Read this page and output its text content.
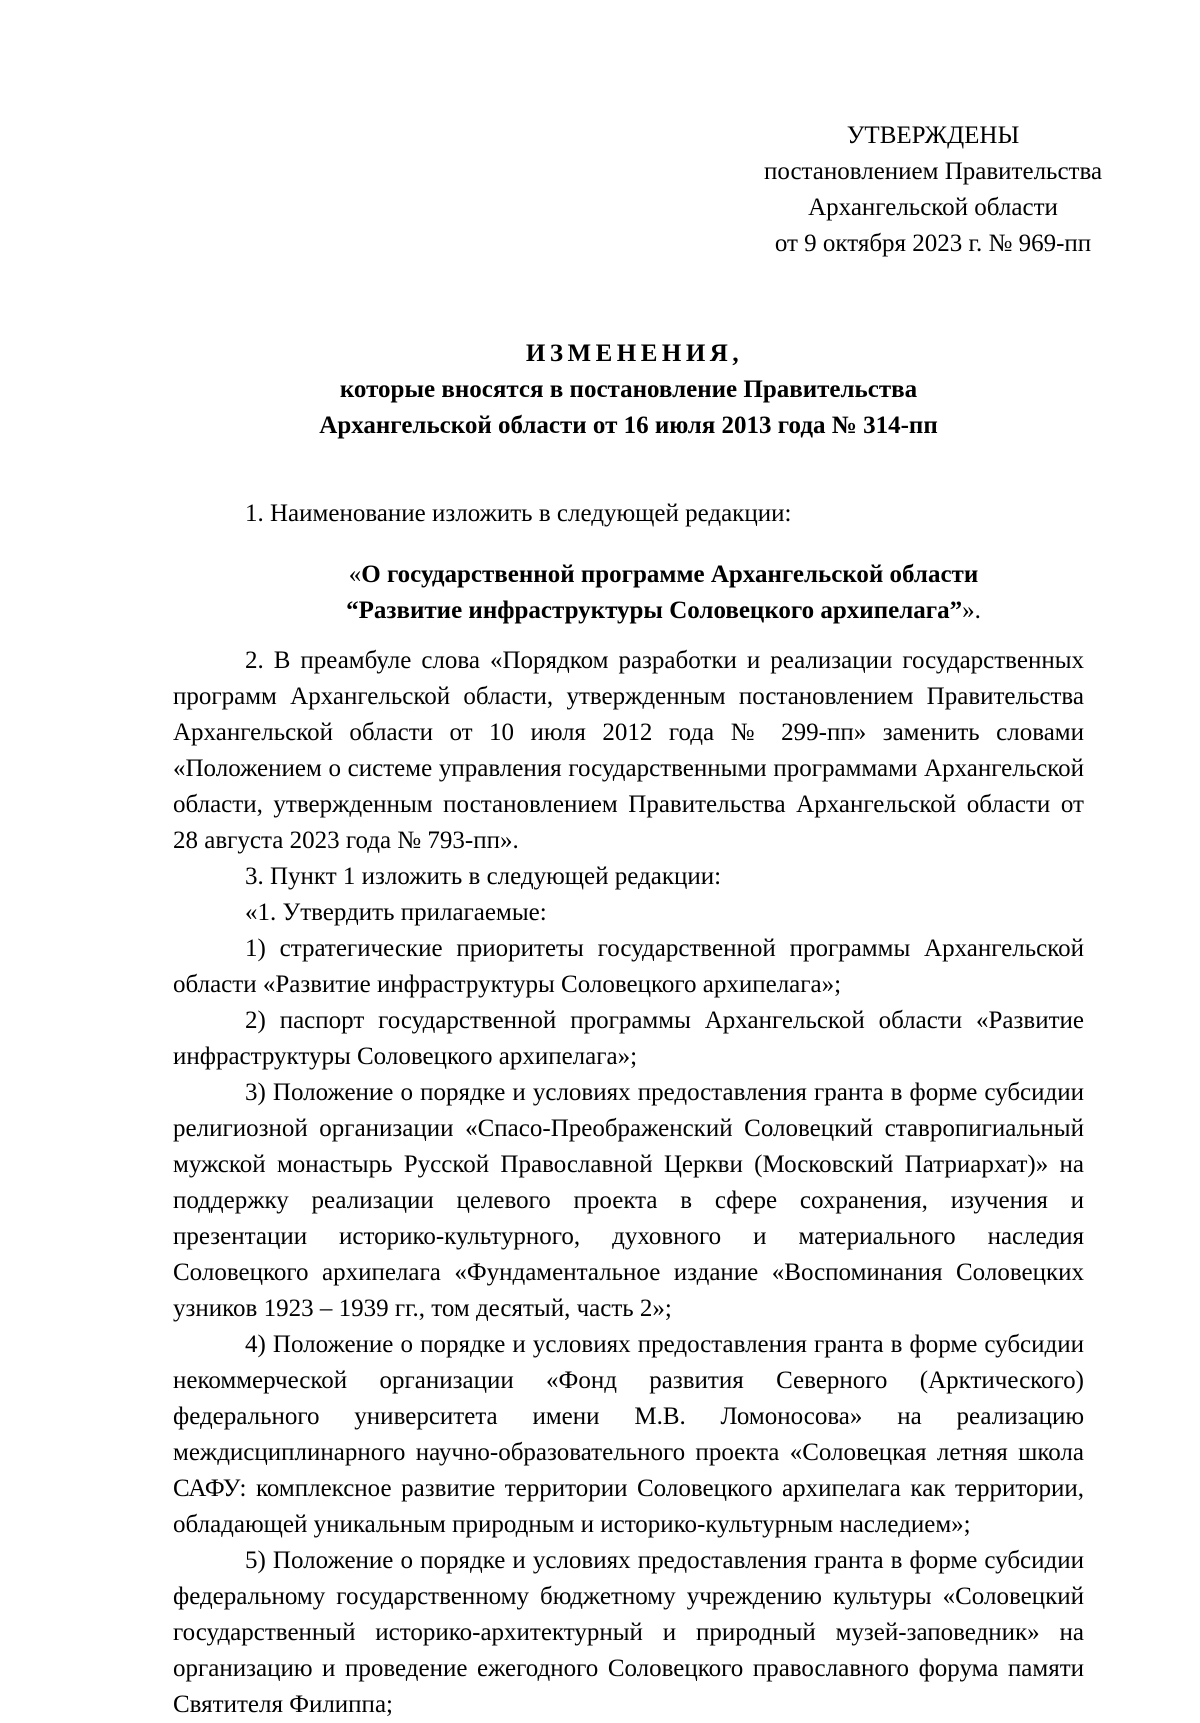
УТВЕРЖДЕНЫ
постановлением Правительства
Архангельской области
от 9 октября 2023 г. № 969-пп
ИЗМЕНЕНИЯ,
которые вносятся в постановление Правительства
Архангельской области от 16 июля 2013 года № 314-пп

1. Наименование изложить в следующей редакции:

«О государственной программе Архангельской области
“Развитие инфраструктуры Соловецкого архипелага”».

2. В преамбуле слова «Порядком разработки и реализации государственных программ Архангельской области, утвержденным постановлением Правительства Архангельской области от 10 июля 2012 года № 299-пп» заменить словами «Положением о системе управления государственными программами Архангельской области, утвержденным постановлением Правительства Архангельской области от 28 августа 2023 года № 793-пп».

3. Пункт 1 изложить в следующей редакции:

«1. Утвердить прилагаемые:

1) стратегические приоритеты государственной программы Архангельской области «Развитие инфраструктуры Соловецкого архипелага»;

2) паспорт государственной программы Архангельской области «Развитие инфраструктуры Соловецкого архипелага»;

3) Положение о порядке и условиях предоставления гранта в форме субсидии религиозной организации «Спасо-Преображенский Соловецкий ставропигиальный мужской монастырь Русской Православной Церкви (Московский Патриархат)» на поддержку реализации целевого проекта в сфере сохранения, изучения и презентации историко-культурного, духовного и материального наследия Соловецкого архипелага «Фундаментальное издание «Воспоминания Соловецких узников 1923 – 1939 гг., том десятый, часть 2»;

4) Положение о порядке и условиях предоставления гранта в форме субсидии некоммерческой организации «Фонд развития Северного (Арктического) федерального университета имени М.В. Ломоносова» на реализацию междисциплинарного научно-образовательного проекта «Соловецкая летняя школа САФУ: комплексное развитие территории Соловецкого архипелага как территории, обладающей уникальным природным и историко-культурным наследием»;

5) Положение о порядке и условиях предоставления гранта в форме субсидии федеральному государственному бюджетному учреждению культуры «Соловецкий государственный историко-архитектурный и природный музей-заповедник» на организацию и проведение ежегодного Соловецкого православного форума памяти Святителя Филиппа;
